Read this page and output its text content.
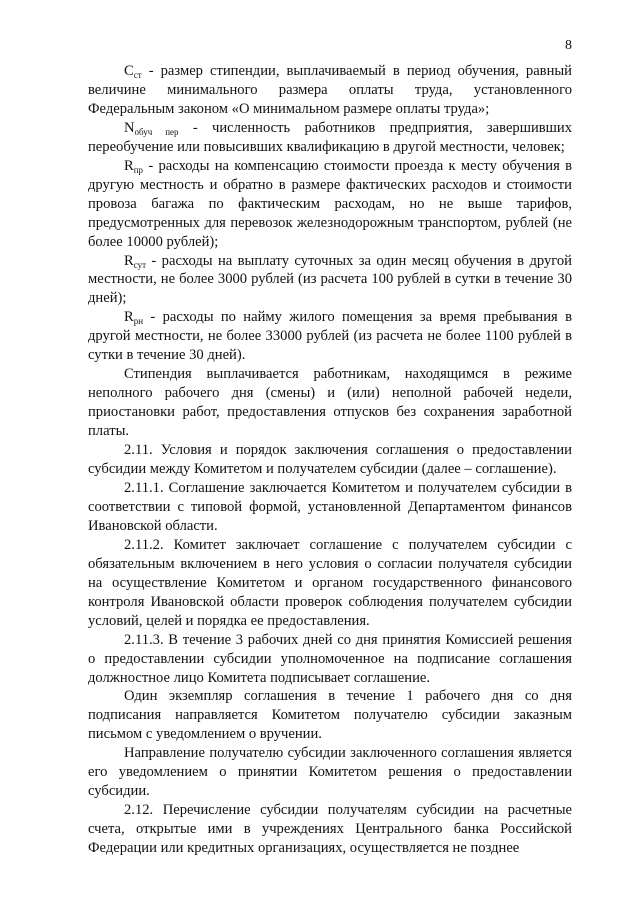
8

$C_{ст}$ - размер стипендии, выплачиваемый в период обучения, равный величине минимального размера оплаты труда, установленного Федеральным законом «О минимальном размере оплаты труда»;

$N_{обуч пер}$ - численность работников предприятия, завершивших переобучение или повысивших квалификацию в другой местности, человек;

$R_{пр}$ - расходы на компенсацию стоимости проезда к месту обучения в другую местность и обратно в размере фактических расходов и стоимости провоза багажа по фактическим расходам, но не выше тарифов, предусмотренных для перевозок железнодорожным транспортом, рублей (не более 10000 рублей);

$R_{сут}$ - расходы на выплату суточных за один месяц обучения в другой местности, не более 3000 рублей (из расчета 100 рублей в сутки в течение 30 дней);

$R_{рн}$ - расходы по найму жилого помещения за время пребывания в другой местности, не более 33000 рублей (из расчета не более 1100 рублей в сутки в течение 30 дней).

Стипендия выплачивается работникам, находящимся в режиме неполного рабочего дня (смены) и (или) неполной рабочей недели, приостановки работ, предоставления отпусков без сохранения заработной платы.

2.11. Условия и порядок заключения соглашения о предоставлении субсидии между Комитетом и получателем субсидии (далее – соглашение).

2.11.1. Соглашение заключается Комитетом и получателем субсидии в соответствии с типовой формой, установленной Департаментом финансов Ивановской области.

2.11.2. Комитет заключает соглашение с получателем субсидии с обязательным включением в него условия о согласии получателя субсидии на осуществление Комитетом и органом государственного финансового контроля Ивановской области проверок соблюдения получателем субсидии условий, целей и порядка ее предоставления.

2.11.3. В течение 3 рабочих дней со дня принятия Комиссией решения о предоставлении субсидии уполномоченное на подписание соглашения должностное лицо Комитета подписывает соглашение.

Один экземпляр соглашения в течение 1 рабочего дня со дня подписания направляется Комитетом получателю субсидии заказным письмом с уведомлением о вручении.

Направление получателю субсидии заключенного соглашения является его уведомлением о принятии Комитетом решения о предоставлении субсидии.

2.12. Перечисление субсидии получателям субсидии на расчетные счета, открытые ими в учреждениях Центрального банка Российской Федерации или кредитных организациях, осуществляется не позднее
